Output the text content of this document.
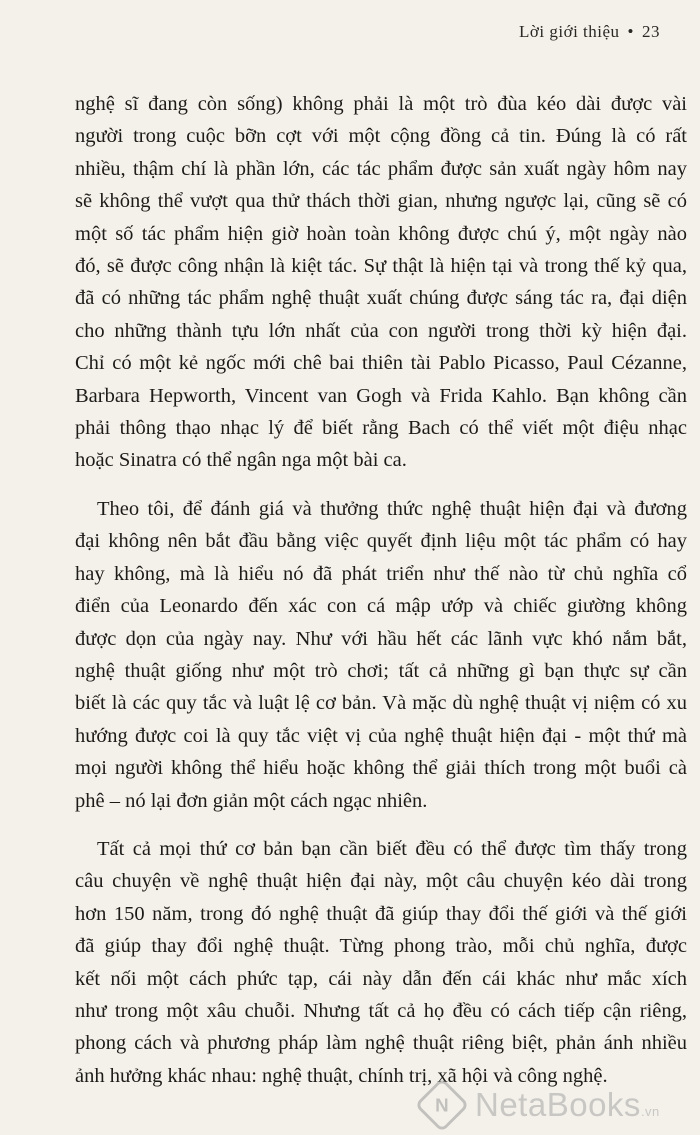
Lời giới thiệu • 23

nghệ sĩ đang còn sống) không phải là một trò đùa kéo dài được vài
người trong cuộc bỡn cợt với một cộng đồng cả tin. Đúng là có rất
nhiều, thậm chí là phần lớn, các tác phẩm được sản xuất ngày hôm nay
sẽ không thể vượt qua thử thách thời gian, nhưng ngược lại, cũng sẽ có
một số tác phẩm hiện giờ hoàn toàn không được chú ý, một ngày nào
đó, sẽ được công nhận là kiệt tác. Sự thật là hiện tại và trong thế kỷ qua,
đã có những tác phẩm nghệ thuật xuất chúng được sáng tác ra, đại diện
cho những thành tựu lớn nhất của con người trong thời kỳ hiện đại.
Chỉ có một kẻ ngốc mới chê bai thiên tài Pablo Picasso, Paul Cézanne,
Barbara Hepworth, Vincent van Gogh và Frida Kahlo. Bạn không cần
phải thông thạo nhạc lý để biết rằng Bach có thể viết một điệu nhạc
hoặc Sinatra có thể ngân nga một bài ca.

Theo tôi, để đánh giá và thưởng thức nghệ thuật hiện đại và đương
đại không nên bắt đầu bằng việc quyết định liệu một tác phẩm có hay
hay không, mà là hiểu nó đã phát triển như thế nào từ chủ nghĩa cổ
điển của Leonardo đến xác con cá mập ướp và chiếc giường không
được dọn của ngày nay. Như với hầu hết các lãnh vực khó nắm bắt,
nghệ thuật giống như một trò chơi; tất cả những gì bạn thực sự cần
biết là các quy tắc và luật lệ cơ bản. Và mặc dù nghệ thuật vị niệm có xu
hướng được coi là quy tắc việt vị của nghệ thuật hiện đại - một thứ mà
mọi người không thể hiểu hoặc không thể giải thích trong một buổi cà
phê – nó lại đơn giản một cách ngạc nhiên.

Tất cả mọi thứ cơ bản bạn cần biết đều có thể được tìm thấy trong
câu chuyện về nghệ thuật hiện đại này, một câu chuyện kéo dài trong
hơn 150 năm, trong đó nghệ thuật đã giúp thay đổi thế giới và thế giới
đã giúp thay đổi nghệ thuật. Từng phong trào, mỗi chủ nghĩa, được
kết nối một cách phức tạp, cái này dẫn đến cái khác như mắc xích
như trong một xâu chuỗi. Nhưng tất cả họ đều có cách tiếp cận riêng,
phong cách và phương pháp làm nghệ thuật riêng biệt, phản ánh nhiều
ảnh hưởng khác nhau: nghệ thuật, chính trị, xã hội và công nghệ.

N NetaBooks.vn
